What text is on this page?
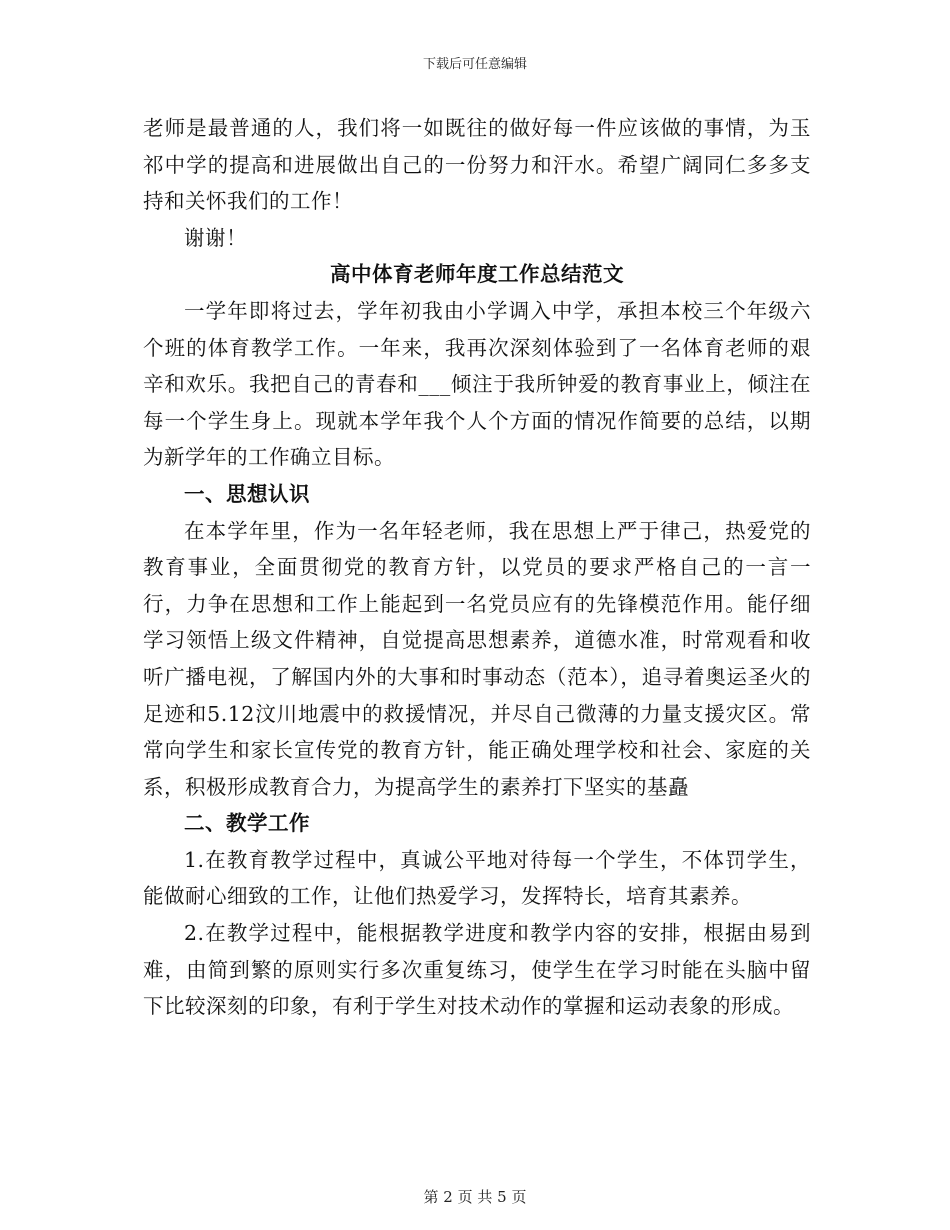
下载后可任意编辑

老师是最普通的人，我们将一如既往的做好每一件应该做的事情，为玉祁中学的提高和进展做出自己的一份努力和汗水。希望广阔同仁多多支持和关怀我们的工作！

谢谢！

高中体育老师年度工作总结范文

一学年即将过去，学年初我由小学调入中学，承担本校三个年级六个班的体育教学工作。一年来，我再次深刻体验到了一名体育老师的艰辛和欢乐。我把自己的青春和___倾注于我所钟爱的教育事业上，倾注在每一个学生身上。现就本学年我个人个方面的情况作简要的总结，以期为新学年的工作确立目标。

一、思想认识

在本学年里，作为一名年轻老师，我在思想上严于律己，热爱党的教育事业，全面贯彻党的教育方针，以党员的要求严格自己的一言一行，力争在思想和工作上能起到一名党员应有的先锋模范作用。能仔细学习领悟上级文件精神，自觉提高思想素养，道德水准，时常观看和收听广播电视，了解国内外的大事和时事动态（范本），追寻着奥运圣火的足迹和5.12汶川地震中的救援情况，并尽自己微薄的力量支援灾区。常常向学生和家长宣传党的教育方针，能正确处理学校和社会、家庭的关系，积极形成教育合力，为提高学生的素养打下坚实的基矗

二、教学工作

1.在教育教学过程中，真诚公平地对待每一个学生，不体罚学生，能做耐心细致的工作，让他们热爱学习，发挥特长，培育其素养。

2.在教学过程中，能根据教学进度和教学内容的安排，根据由易到难，由简到繁的原则实行多次重复练习，使学生在学习时能在头脑中留下比较深刻的印象，有利于学生对技术动作的掌握和运动表象的形成。

第 2 页 共 5 页
